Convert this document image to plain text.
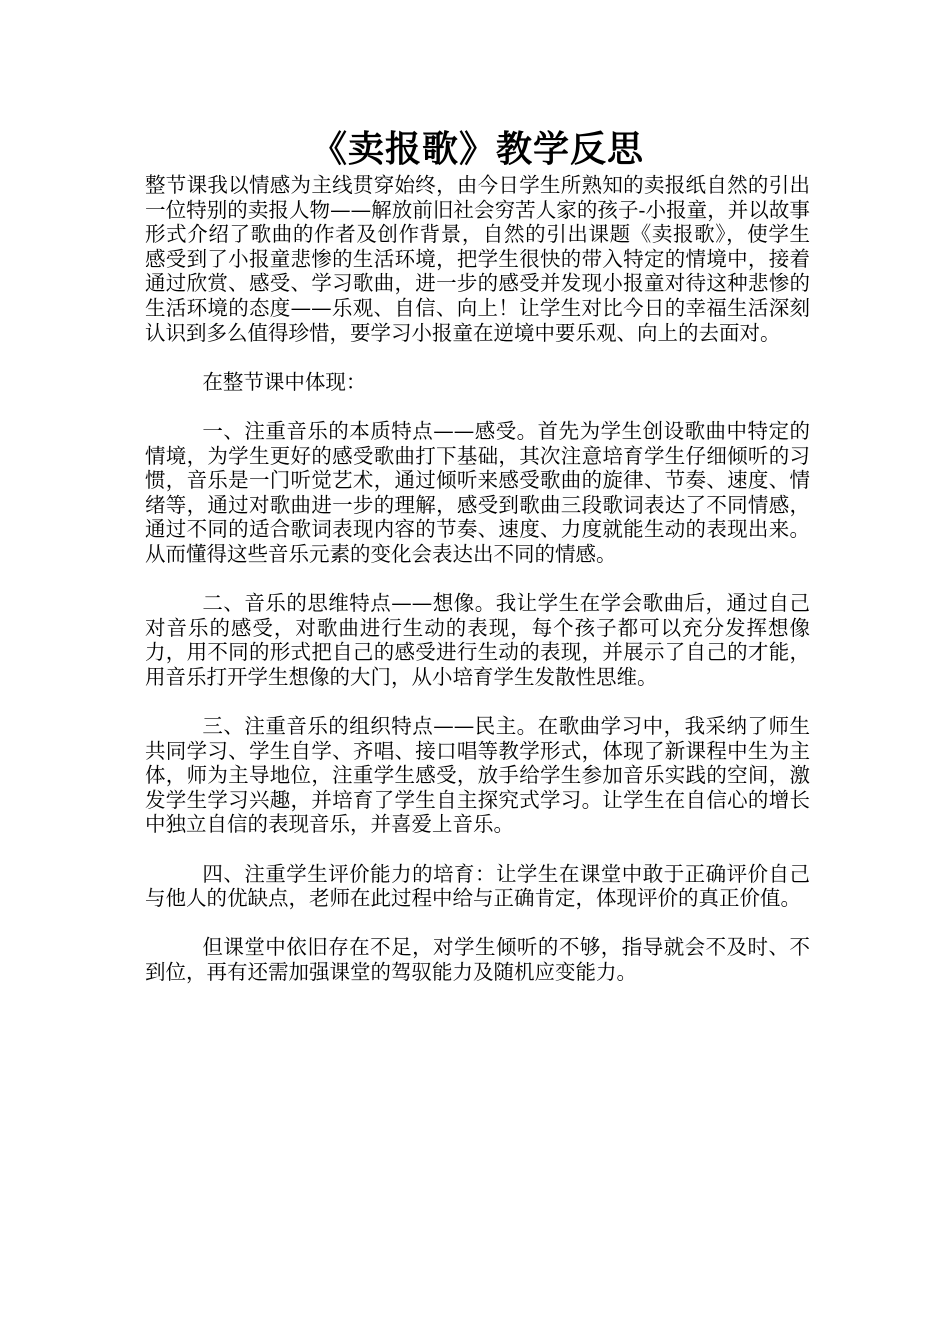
《卖报歌》教学反思

整节课我以情感为主线贯穿始终，由今日学生所熟知的卖报纸自然的引出一位特别的卖报人物——解放前旧社会穷苦人家的孩子-小报童，并以故事形式介绍了歌曲的作者及创作背景，自然的引出课题《卖报歌》，使学生感受到了小报童悲惨的生活环境，把学生很快的带入特定的情境中，接着通过欣赏、感受、学习歌曲，进一步的感受并发现小报童对待这种悲惨的生活环境的态度——乐观、自信、向上！让学生对比今日的幸福生活深刻认识到多么值得珍惜，要学习小报童在逆境中要乐观、向上的去面对。

在整节课中体现：

一、注重音乐的本质特点——感受。首先为学生创设歌曲中特定的情境，为学生更好的感受歌曲打下基础，其次注意培育学生仔细倾听的习惯，音乐是一门听觉艺术，通过倾听来感受歌曲的旋律、节奏、速度、情绪等，通过对歌曲进一步的理解，感受到歌曲三段歌词表达了不同情感，通过不同的适合歌词表现内容的节奏、速度、力度就能生动的表现出来。从而懂得这些音乐元素的变化会表达出不同的情感。

二、音乐的思维特点——想像。我让学生在学会歌曲后，通过自己对音乐的感受，对歌曲进行生动的表现，每个孩子都可以充分发挥想像力，用不同的形式把自己的感受进行生动的表现，并展示了自己的才能，用音乐打开学生想像的大门，从小培育学生发散性思维。

三、注重音乐的组织特点——民主。在歌曲学习中，我采纳了师生共同学习、学生自学、齐唱、接口唱等教学形式，体现了新课程中生为主体，师为主导地位，注重学生感受，放手给学生参加音乐实践的空间，激发学生学习兴趣，并培育了学生自主探究式学习。让学生在自信心的增长中独立自信的表现音乐，并喜爱上音乐。

四、注重学生评价能力的培育：让学生在课堂中敢于正确评价自己与他人的优缺点，老师在此过程中给与正确肯定，体现评价的真正价值。

但课堂中依旧存在不足，对学生倾听的不够，指导就会不及时、不到位，再有还需加强课堂的驾驭能力及随机应变能力。
